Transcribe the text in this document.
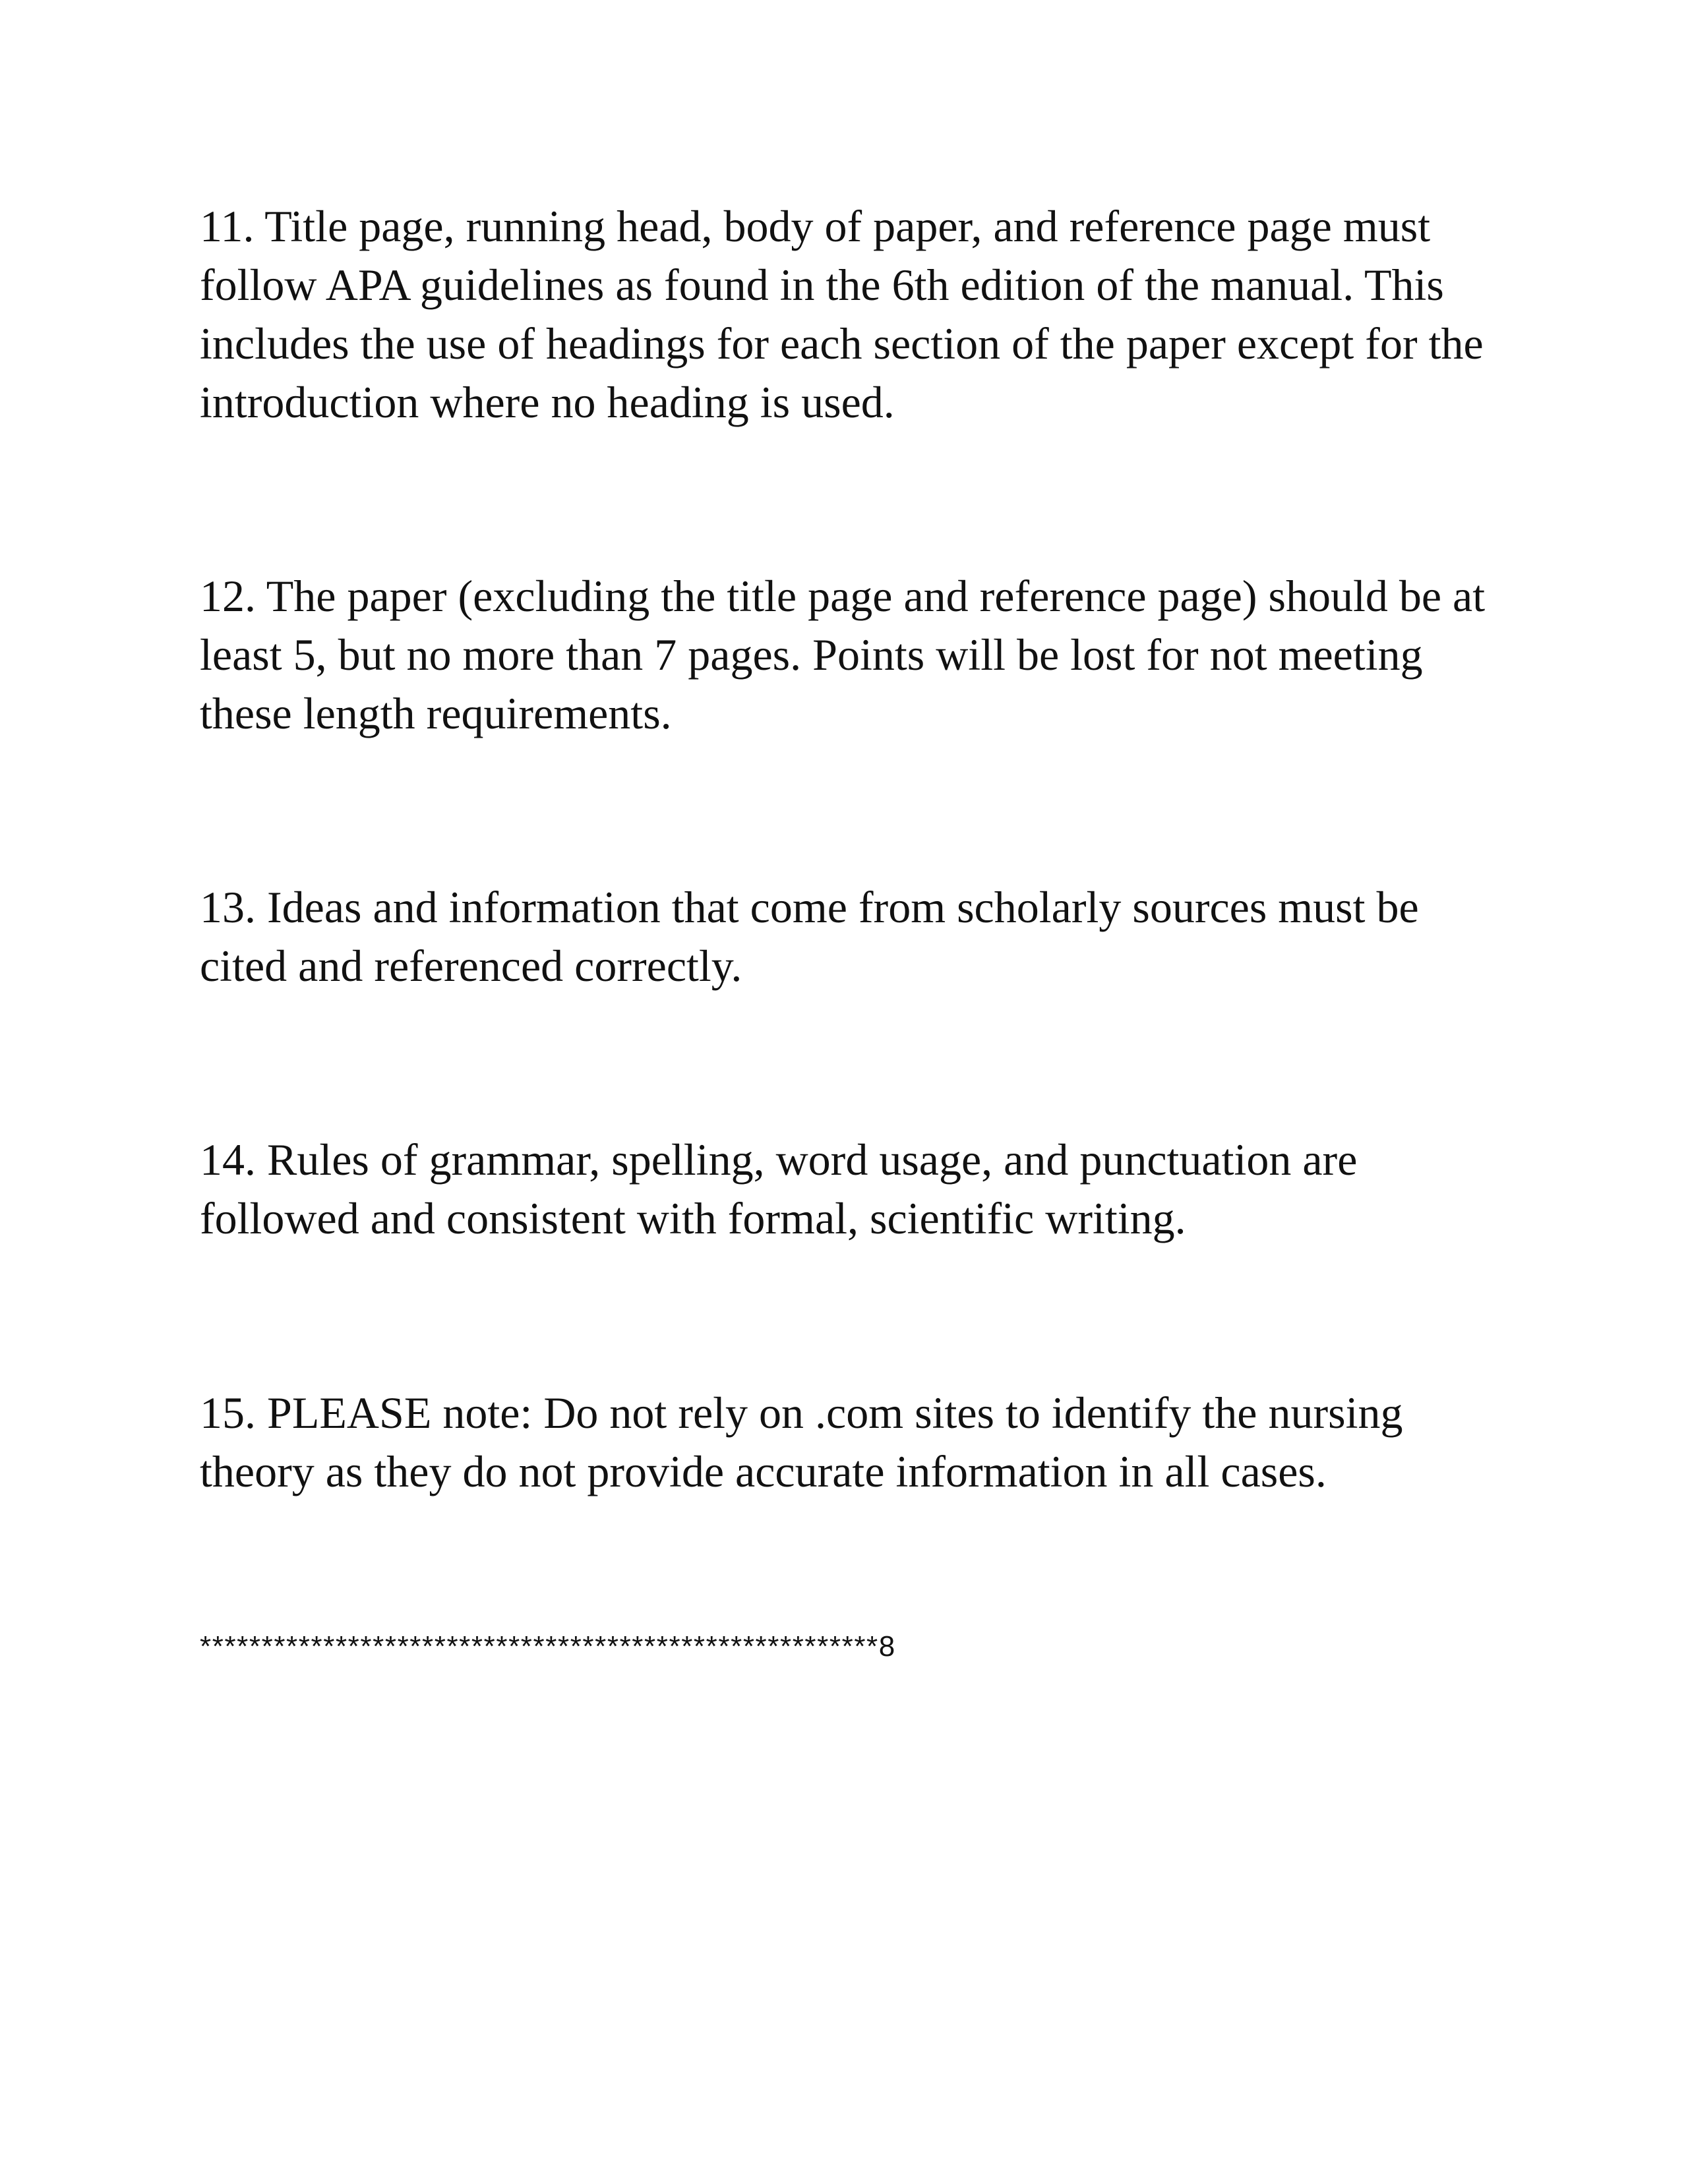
11. Title page, running head, body of paper, and reference page must
follow APA guidelines as found in the 6th edition of the manual. This
includes the use of headings for each section of the paper except for the
introduction where no heading is used.

12. The paper (excluding the title page and reference page) should be at
least 5, but no more than 7 pages. Points will be lost for not meeting
these length requirements.

13. Ideas and information that come from scholarly sources must be
cited and referenced correctly.

14. Rules of grammar, spelling, word usage, and punctuation are
followed and consistent with formal, scientific writing.

15. PLEASE note: Do not rely on .com sites to identify the nursing
theory as they do not provide accurate information in all cases.

*******************************************************8
